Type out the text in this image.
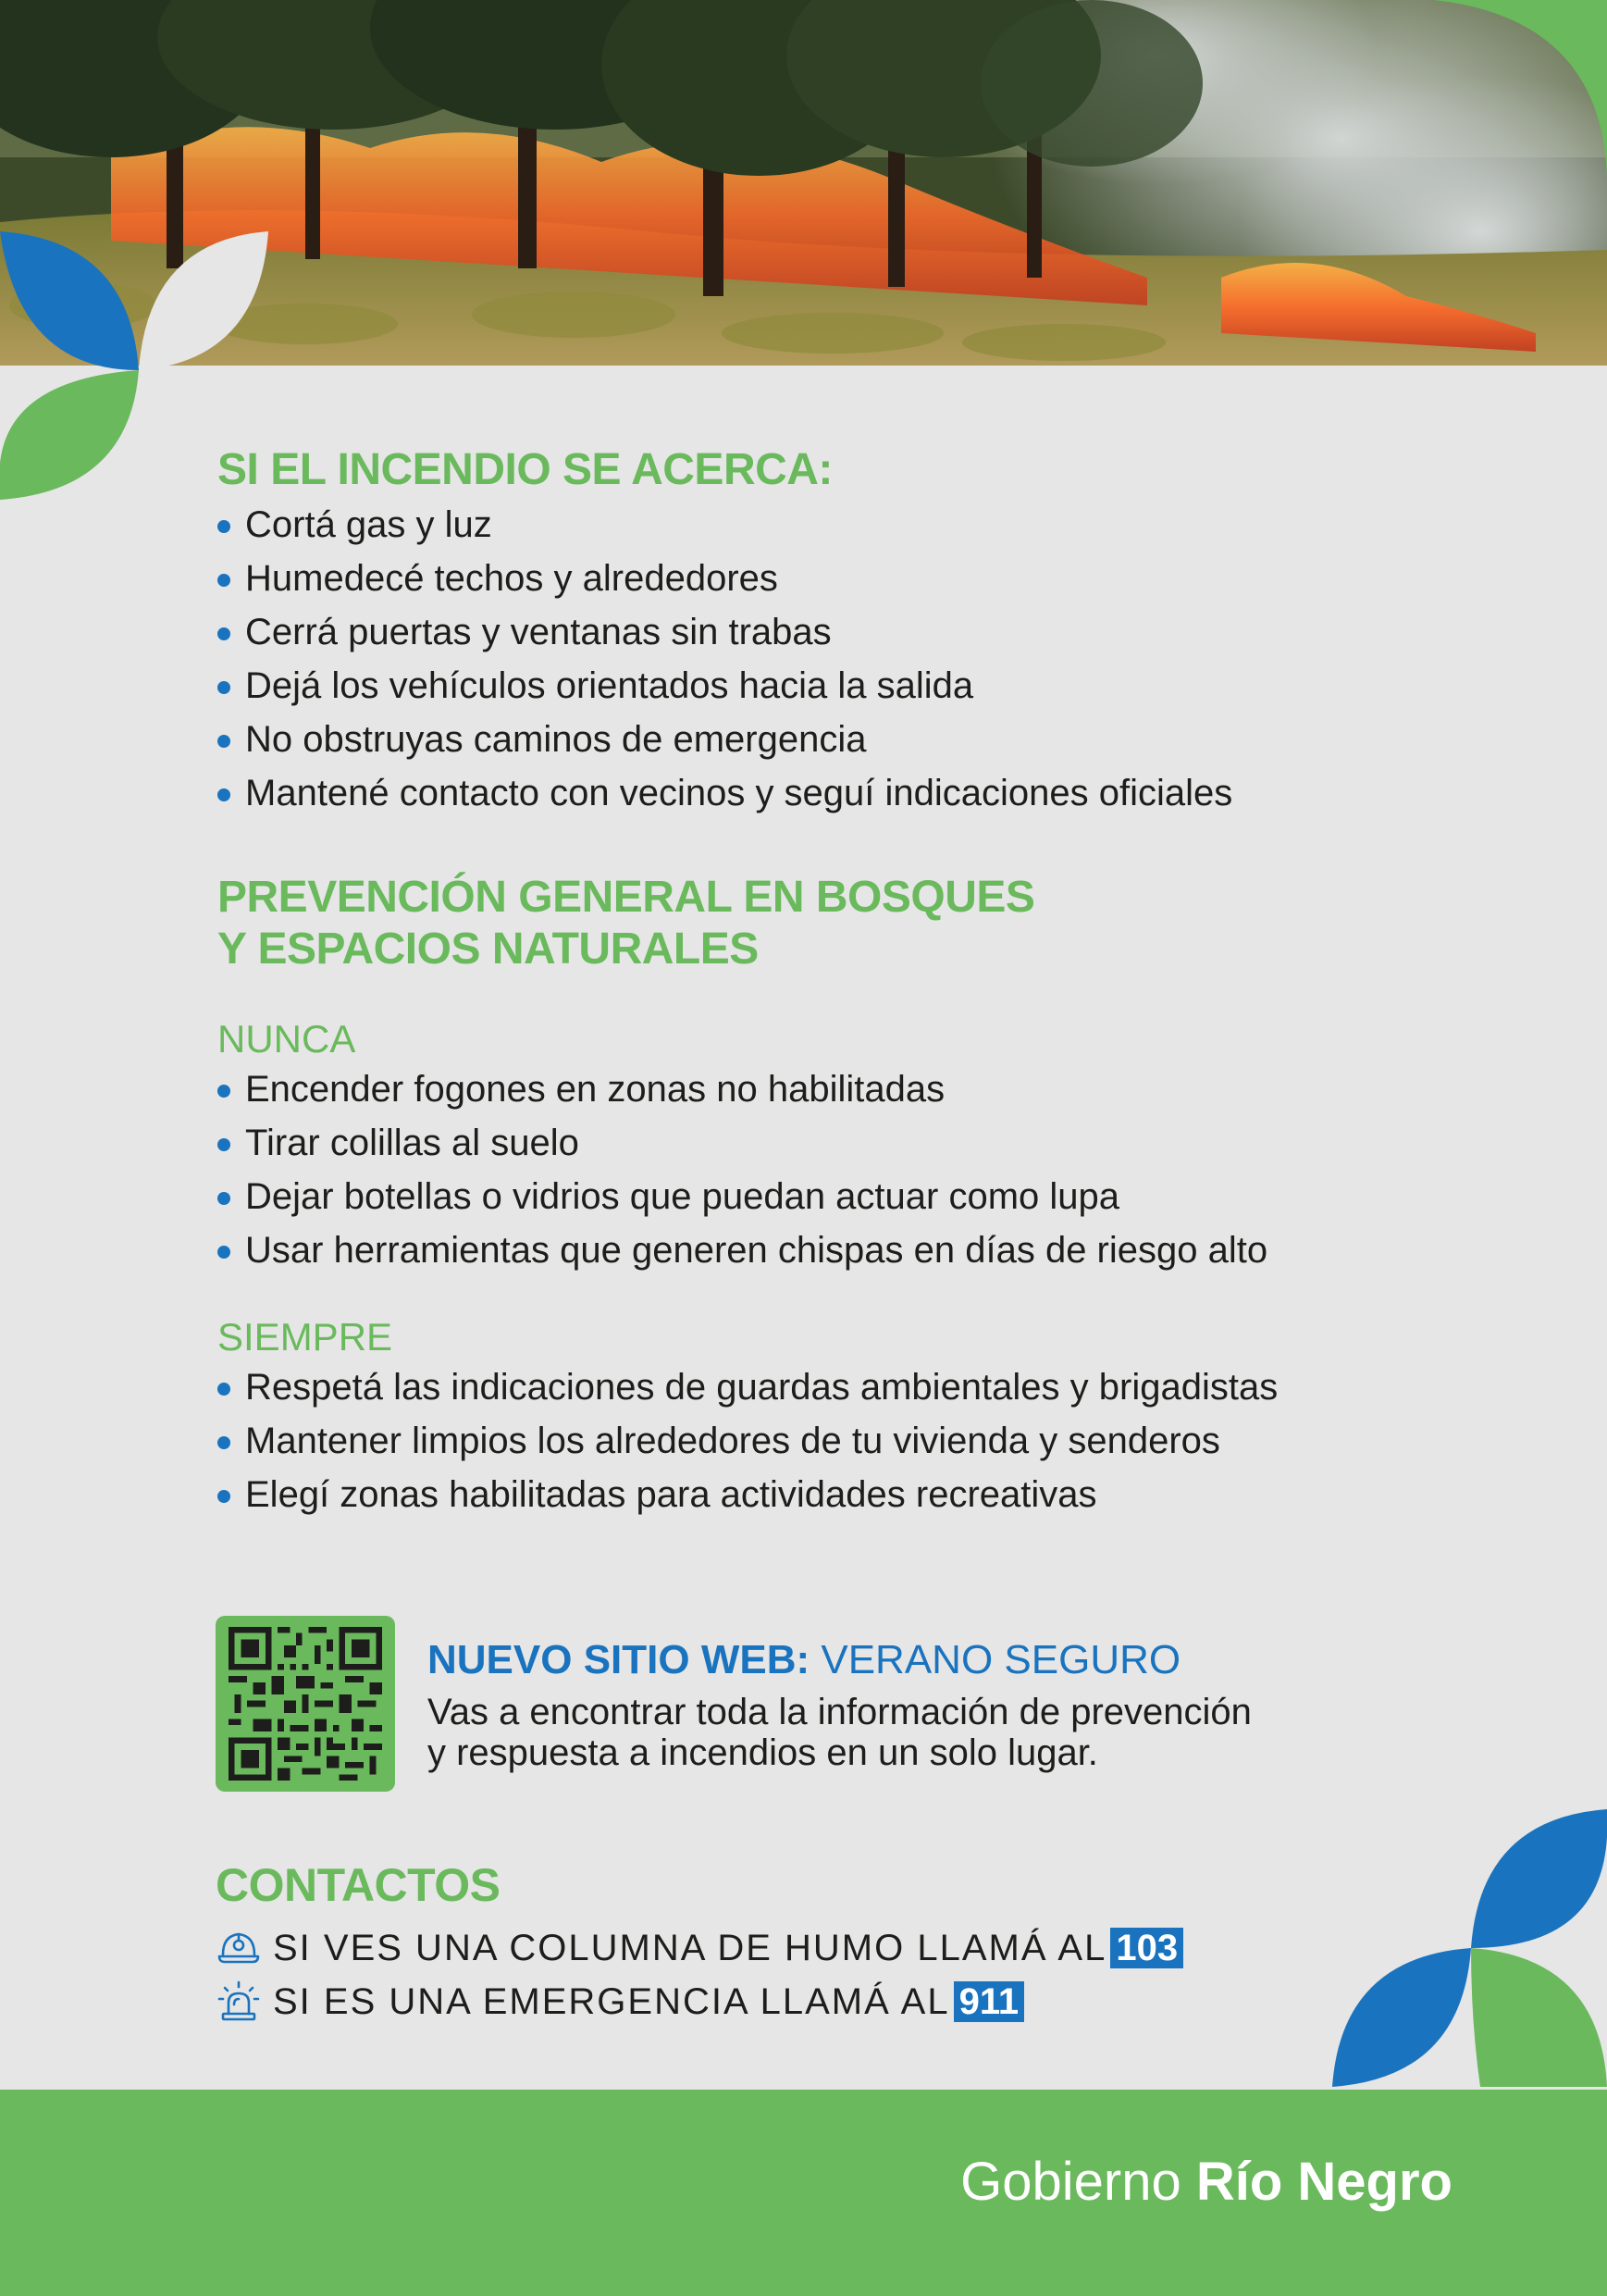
SI EL INCENDIO SE ACERCA:
Cortá gas y luz
Humedecé techos y alrededores
Cerrá puertas y ventanas sin trabas
Dejá los vehículos orientados hacia la salida
No obstruyas caminos de emergencia
Mantené contacto con vecinos y seguí indicaciones oficiales
PREVENCIÓN GENERAL EN BOSQUES
Y ESPACIOS NATURALES
NUNCA
Encender fogones en zonas no habilitadas
Tirar colillas al suelo
Dejar botellas o vidrios que puedan actuar como lupa
Usar herramientas que generen chispas en días de riesgo alto
SIEMPRE
Respetá las indicaciones de guardas ambientales y brigadistas
Mantener limpios los alrededores de tu vivienda y senderos
Elegí zonas habilitadas para actividades recreativas
NUEVO SITIO WEB: VERANO SEGURO
Vas a encontrar toda la información de prevención
y respuesta a incendios en un solo lugar.
CONTACTOS
SI VES UNA COLUMNA DE HUMO LLAMÁ AL 103
SI ES UNA EMERGENCIA LLAMÁ AL 911
Gobierno Río Negro
